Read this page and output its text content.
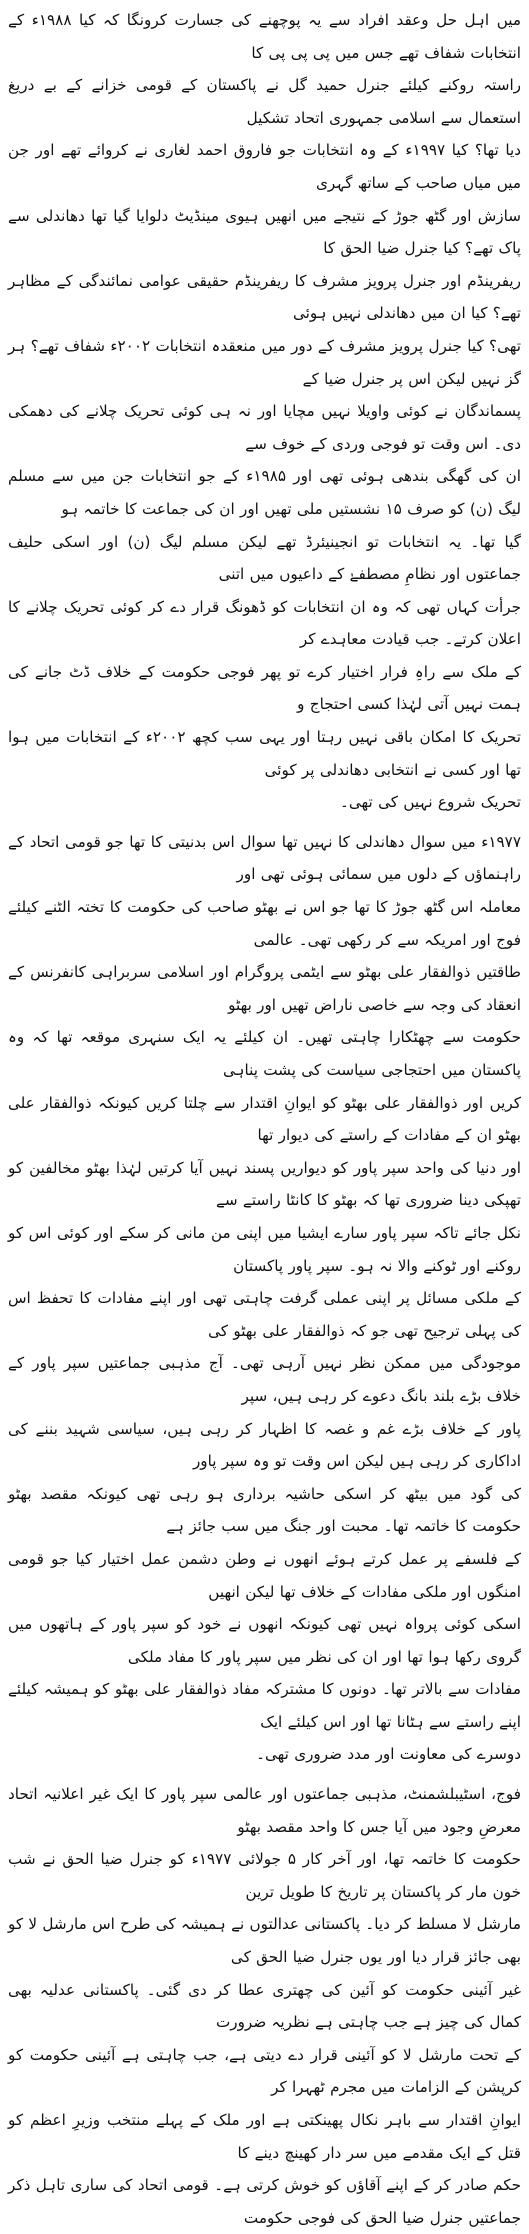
میں اہل حل وعقد افراد سے یہ پوچھنے کی جسارت کرونگا کہ کیا ۱۹۸۸ء کے انتخابات شفاف تھے جس میں پی پی پی کا

راستہ روکنے کیلئے جنرل حمید گل نے پاکستان کے قومی خزانے کے بے دریغ استعمال سے اسلامی جمہوری اتحاد تشکیل

دیا تھا؟ کیا ۱۹۹۷ء کے وہ انتخابات جو فاروق احمد لغاری نے کروائے تھے اور جن میں میاں صاحب کے ساتھ گہری

سازش اور گٹھ جوڑ کے نتیجے میں انھیں ہیوی مینڈیٹ دلوایا گیا تھا دھاندلی سے پاک تھے؟ کیا جنرل ضیا الحق کا

ریفرینڈم اور جنرل پرویز مشرف کا ریفرینڈم حقیقی عوامی نمائندگی کے مظاہر تھے؟ کیا ان میں دھاندلی نہیں ہوئی

تھی؟ کیا جنرل پرویز مشرف کے دور میں منعقدہ انتخابات ۲۰۰۲ء شفاف تھے؟ ہر گز نہیں لیکن اس پر جنرل ضیا کے

پسماندگان نے کوئی واویلا نہیں مچایا اور نہ ہی کوئی تحریک چلانے کی دھمکی دی۔ اس وقت تو فوجی وردی کے خوف سے

ان کی گھگی بندھی ہوئی تھی اور ۱۹۸۵ء کے جو انتخابات جن میں سے مسلم لیگ (ن) کو صرف ۱۵ نشستیں ملی تھیں اور ان کی جماعت کا خاتمہ ہو

گیا تھا۔ یہ انتخابات تو انجینیئرڈ تھے لیکن مسلم لیگ (ن) اور اسکی حلیف جماعتوں اور نظامِ مصطفےٰ کے داعیوں میں اتنی

جرأت کہاں تھی کہ وہ ان انتخابات کو ڈھونگ قرار دے کر کوئی تحریک چلانے کا اعلان کرتے۔ جب قیادت معاہدے کر

کے ملک سے راہِ فرار اختیار کرے تو پھر فوجی حکومت کے خلاف ڈٹ جانے کی ہمت نہیں آتی لہٰذا کسی احتجاج و

تحریک کا امکان باقی نہیں رہتا اور یہی سب کچھ ۲۰۰۲ء کے انتخابات میں ہوا تھا اور کسی نے انتخابی دھاندلی پر کوئی

تحریک شروع نہیں کی تھی۔

۱۹۷۷ء میں سوال دھاندلی کا نہیں تھا سوال اس بدنیتی کا تھا جو قومی اتحاد کے راہنماؤں کے دلوں میں سمائی ہوئی تھی اور

معاملہ اس گٹھ جوڑ کا تھا جو اس نے بھٹو صاحب کی حکومت کا تختہ الٹنے کیلئے فوج اور امریکہ سے کر رکھی تھی۔ عالمی

طاقتیں ذوالفقار علی بھٹو سے ایٹمی پروگرام اور اسلامی سربراہی کانفرنس کے انعقاد کی وجہ سے خاصی ناراض تھیں اور بھٹو

حکومت سے چھٹکارا چاہتی تھیں۔ ان کیلئے یہ ایک سنہری موقعہ تھا کہ وہ پاکستان میں احتجاجی سیاست کی پشت پناہی

کریں اور ذوالفقار علی بھٹو کو ایوانِ اقتدار سے چلتا کریں کیونکہ ذوالفقار علی بھٹو ان کے مفادات کے راستے کی دیوار تھا

اور دنیا کی واحد سپر پاور کو دیواریں پسند نہیں آیا کرتیں لہٰذا بھٹو مخالفین کو تھپکی دینا ضروری تھا کہ بھٹو کا کانٹا راستے سے

نکل جائے تاکہ سپر پاور سارے ایشیا میں اپنی من مانی کر سکے اور کوئی اس کو روکنے اور ٹوکنے والا نہ ہو۔ سپر پاور پاکستان

کے ملکی مسائل پر اپنی عملی گرفت چاہتی تھی اور اپنے مفادات کا تحفظ اس کی پہلی ترجیح تھی جو کہ ذوالفقار علی بھٹو کی

موجودگی میں ممکن نظر نہیں آرہی تھی۔ آج مذہبی جماعتیں سپر پاور کے خلاف بڑے بلند بانگ دعوے کر رہی ہیں، سپر

پاور کے خلاف بڑے غم و غصہ کا اظہار کر رہی ہیں، سیاسی شہید بننے کی اداکاری کر رہی ہیں لیکن اس وقت تو وہ سپر پاور

کی گود میں بیٹھ کر اسکی حاشیہ برداری ہو رہی تھی کیونکہ مقصد بھٹو حکومت کا خاتمہ تھا۔ محبت اور جنگ میں سب جائز ہے

کے فلسفے پر عمل کرتے ہوئے انھوں نے وطن دشمن عمل اختیار کیا جو قومی امنگوں اور ملکی مفادات کے خلاف تھا لیکن انھیں

اسکی کوئی پرواہ نہیں تھی کیونکہ انھوں نے خود کو سپر پاور کے ہاتھوں میں گروی رکھا ہوا تھا اور ان کی نظر میں سپر پاور کا مفاد ملکی

مفادات سے بالاتر تھا۔ دونوں کا مشترکہ مفاد ذوالفقار علی بھٹو کو ہمیشہ کیلئے اپنے راستے سے ہٹانا تھا اور اس کیلئے ایک

دوسرے کی معاونت اور مدد ضروری تھی۔

فوج، اسٹیبلشمنٹ، مذہبی جماعتوں اور عالمی سپر پاور کا ایک غیر اعلانیہ اتحاد معرضِ وجود میں آیا جس کا واحد مقصد بھٹو

حکومت کا خاتمہ تھا، اور آخر کار ۵ جولائی ۱۹۷۷ء کو جنرل ضیا الحق نے شب خون مار کر پاکستان پر تاریخ کا طویل ترین

مارشل لا مسلط کر دیا۔ پاکستانی عدالتوں نے ہمیشہ کی طرح اس مارشل لا کو بھی جائز قرار دیا اور یوں جنرل ضیا الحق کی

غیر آئینی حکومت کو آئین کی چھتری عطا کر دی گئی۔ پاکستانی عدلیہ بھی کمال کی چیز ہے جب چاہتی ہے نظریہ ضرورت

کے تحت مارشل لا کو آئینی قرار دے دیتی ہے، جب چاہتی ہے آئینی حکومت کو کرپشن کے الزامات میں مجرم ٹھہرا کر

ایوانِ اقتدار سے باہر نکال پھینکتی ہے اور ملک کے پہلے منتخب وزیرِ اعظم کو قتل کے ایک مقدمے میں سر دار کھینچ دینے کا

حکم صادر کر کے اپنے آقاؤں کو خوش کرتی ہے۔ قومی اتحاد کی ساری تاہل ذکر جماعتیں جنرل ضیا الحق کی فوجی حکومت
